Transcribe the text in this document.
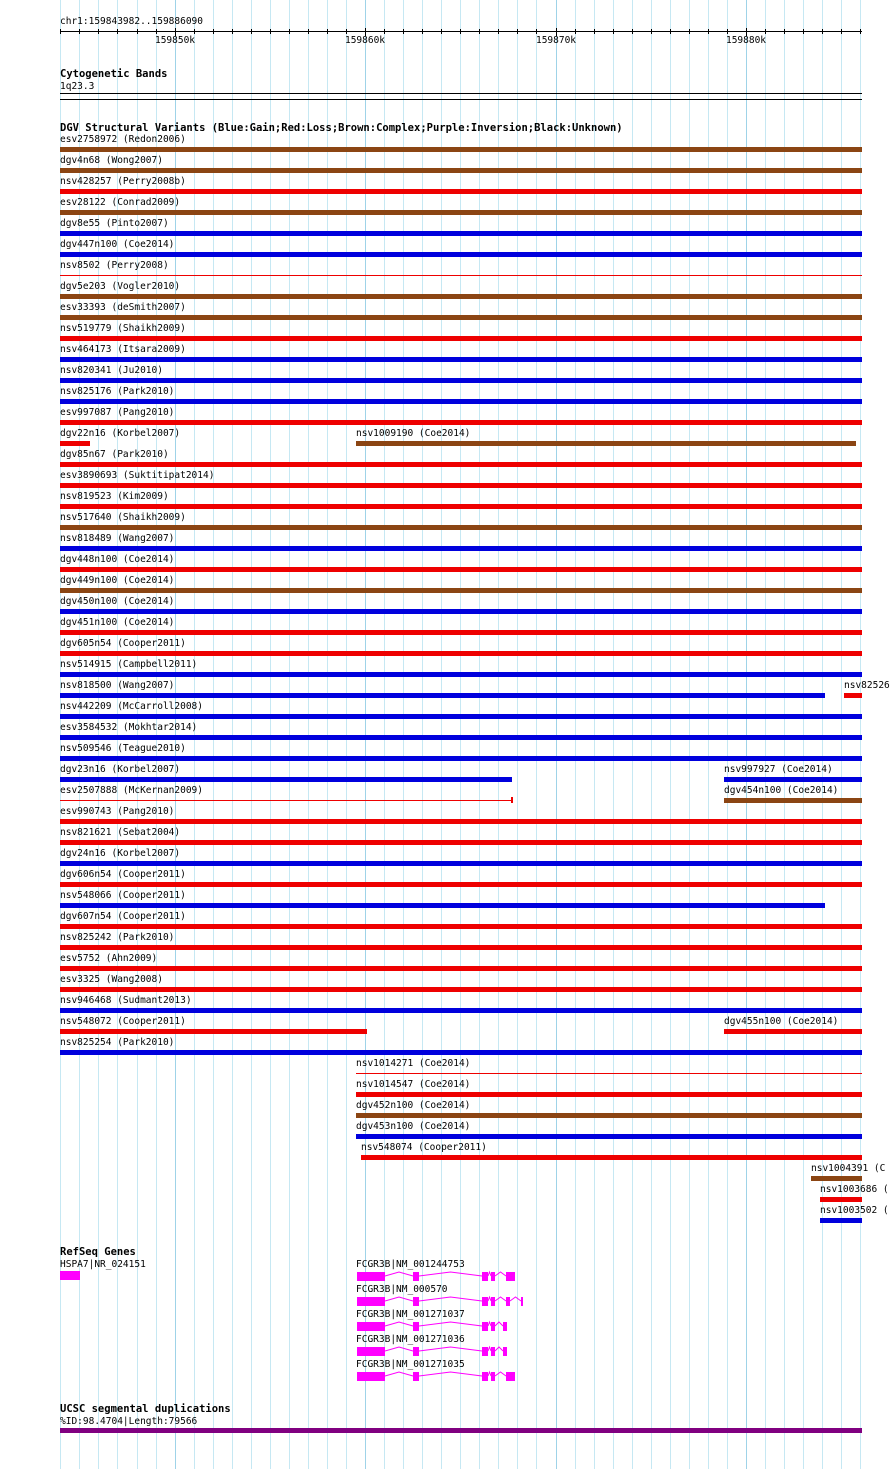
chr1:159843982..159886090
159850k	159860k	159870k	159880k
Cytogenetic Bands
1q23.3
DGV Structural Variants (Blue:Gain;Red:Loss;Brown:Complex;Purple:Inversion;Black:Unknown)
esv2758972 (Redon2006)
dgv4n68 (Wong2007)
nsv428257 (Perry2008b)
esv28122 (Conrad2009)
dgv8e55 (Pinto2007)
dgv447n100 (Coe2014)
nsv8502 (Perry2008)
dgv5e203 (Vogler2010)
esv33393 (deSmith2007)
nsv519779 (Shaikh2009)
nsv464173 (Itsara2009)
nsv820341 (Ju2010)
nsv825176 (Park2010)
esv997087 (Pang2010)
dgv22n16 (Korbel2007)	nsv1009190 (Coe2014)
dgv85n67 (Park2010)
esv3890693 (Suktitipat2014)
nsv819523 (Kim2009)
nsv517640 (Shaikh2009)
nsv818489 (Wang2007)
dgv448n100 (Coe2014)
dgv449n100 (Coe2014)
dgv450n100 (Coe2014)
dgv451n100 (Coe2014)
dgv605n54 (Cooper2011)
nsv514915 (Campbell2011)
nsv818500 (Wang2007)	nsv82526
nsv442209 (McCarroll2008)
esv3584532 (Mokhtar2014)
nsv509546 (Teague2010)
dgv23n16 (Korbel2007)	nsv997927 (Coe2014)
esv2507888 (McKernan2009)	dgv454n100 (Coe2014)
esv990743 (Pang2010)
nsv821621 (Sebat2004)
dgv24n16 (Korbel2007)
dgv606n54 (Cooper2011)
nsv548066 (Cooper2011)
dgv607n54 (Cooper2011)
nsv825242 (Park2010)
esv5752 (Ahn2009)
esv3325 (Wang2008)
nsv946468 (Sudmant2013)
nsv548072 (Cooper2011)	dgv455n100 (Coe2014)
nsv825254 (Park2010)
nsv1014271 (Coe2014)
nsv1014547 (Coe2014)
dgv452n100 (Coe2014)
dgv453n100 (Coe2014)
nsv548074 (Cooper2011)
nsv1004391 (C
nsv1003686 (
nsv1003502 (
RefSeq Genes
HSPA7|NR_024151	FCGR3B|NM_001244753
FCGR3B|NM_000570
FCGR3B|NM_001271037
FCGR3B|NM_001271036
FCGR3B|NM_001271035
UCSC segmental duplications
%ID:98.4704|Length:79566
